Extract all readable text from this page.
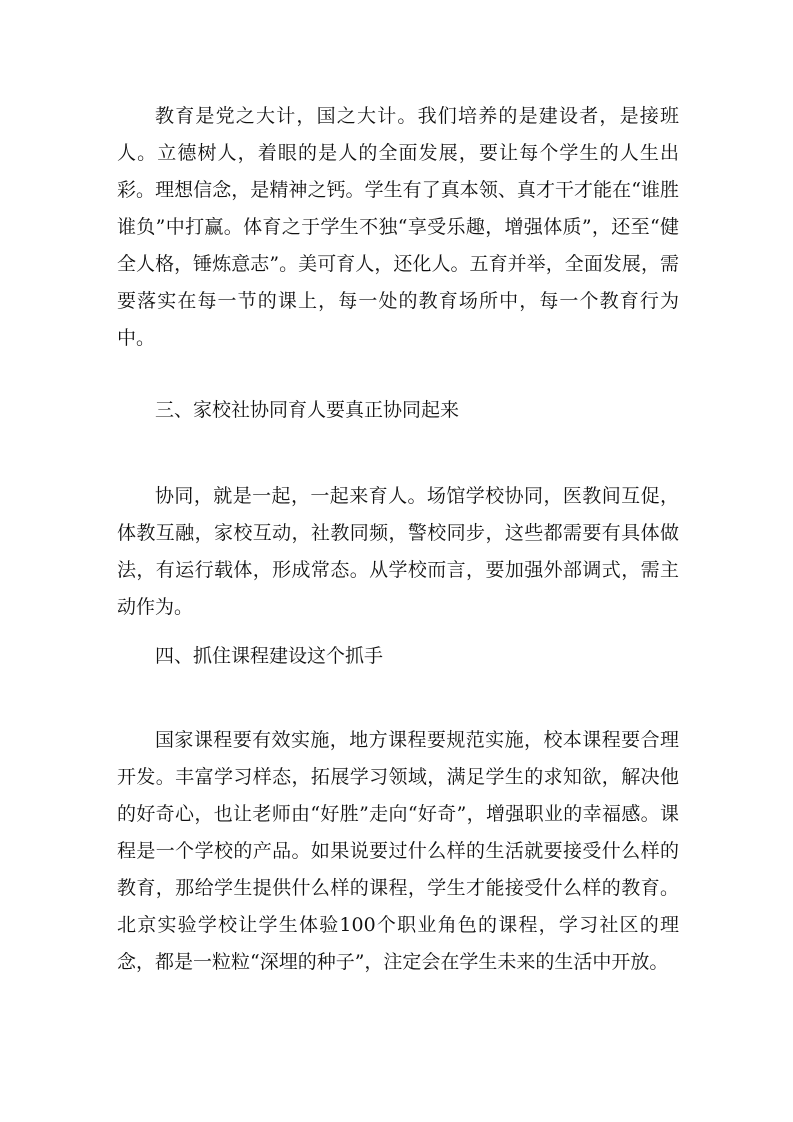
教育是党之大计，国之大计。我们培养的是建设者，是接班人。立德树人，着眼的是人的全面发展，要让每个学生的人生出彩。理想信念，是精神之钙。学生有了真本领、真才干才能在“谁胜谁负”中打赢。体育之于学生不独“享受乐趣，增强体质”，还至“健全人格，锤炼意志”。美可育人，还化人。五育并举，全面发展，需要落实在每一节的课上，每一处的教育场所中，每一个教育行为中。

三、家校社协同育人要真正协同起来

协同，就是一起，一起来育人。场馆学校协同，医教间互促，体教互融，家校互动，社教同频，警校同步，这些都需要有具体做法，有运行载体，形成常态。从学校而言，要加强外部调式，需主动作为。

四、抓住课程建设这个抓手

国家课程要有效实施，地方课程要规范实施，校本课程要合理开发。丰富学习样态，拓展学习领域，满足学生的求知欲，解决他的好奇心，也让老师由“好胜”走向“好奇”，增强职业的幸福感。课程是一个学校的产品。如果说要过什么样的生活就要接受什么样的教育，那给学生提供什么样的课程，学生才能接受什么样的教育。北京实验学校让学生体验100个职业角色的课程，学习社区的理念，都是一粒粒“深埋的种子”，注定会在学生未来的生活中开放。
